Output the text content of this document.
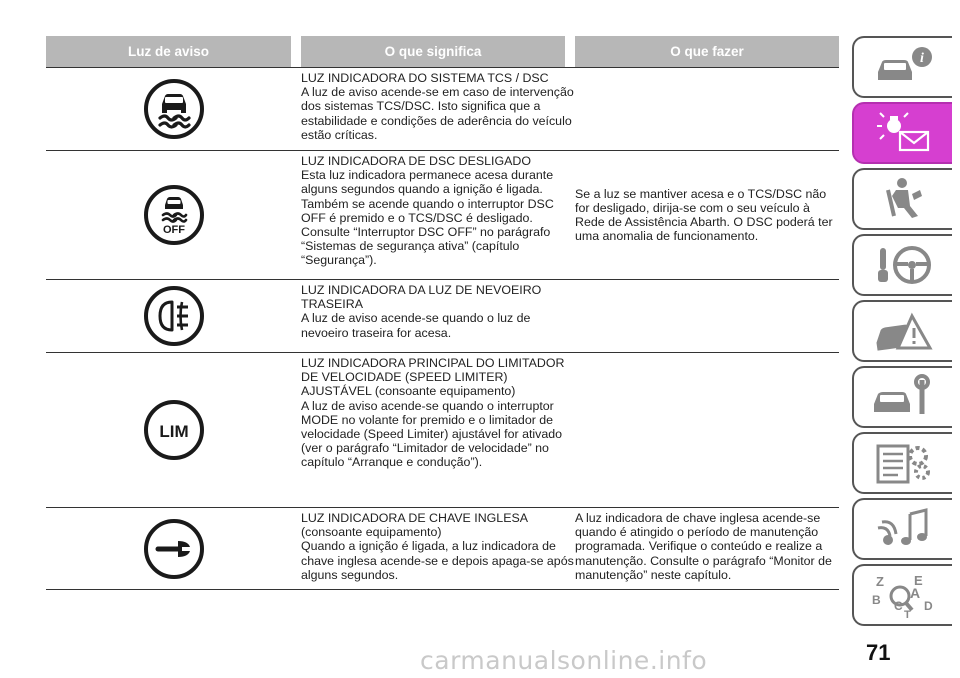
Luz de aviso	O que significa	O que fazer

LUZ INDICADORA DO SISTEMA TCS / DSC

A luz de aviso acende-se em caso de intervenção dos sistemas TCS/DSC. Isto significa que a estabilidade e condições de aderência do veículo estão críticas.

OFF

LUZ INDICADORA DE DSC DESLIGADO

Esta luz indicadora permanece acesa durante alguns segundos quando a ignição é ligada. Também se acende quando o interruptor DSC OFF é premido e o TCS/DSC é desligado. Consulte “Interruptor DSC OFF” no parágrafo “Sistemas de segurança ativa” (capítulo “Segurança”).

Se a luz se mantiver acesa e o TCS/DSC não for desligado, dirija-se com o seu veículo à Rede de Assistência Abarth. O DSC poderá ter uma anomalia de funcionamento.

LUZ INDICADORA DA LUZ DE NEVOEIRO TRASEIRA

A luz de aviso acende-se quando o luz de nevoeiro traseira for acesa.

LIM

LUZ INDICADORA PRINCIPAL DO LIMITADOR DE VELOCIDADE (SPEED LIMITER) AJUSTÁVEL (consoante equipamento)

A luz de aviso acende-se quando o interruptor MODE no volante for premido e o limitador de velocidade (Speed Limiter) ajustável for ativado (ver o parágrafo “Limitador de velocidade” no capítulo “Arranque e condução”).

LUZ INDICADORA DE CHAVE INGLESA (consoante equipamento)

Quando a ignição é ligada, a luz indicadora de chave inglesa acende-se e depois apaga-se após alguns segundos.

A luz indicadora de chave inglesa acende-se quando é atingido o período de manutenção programada. Verifique o conteúdo e realize a manutenção. Consulte o parágrafo “Monitor de manutenção” neste capítulo.

i
Z E
A
B C D
T
71
carmanualsonline.info
